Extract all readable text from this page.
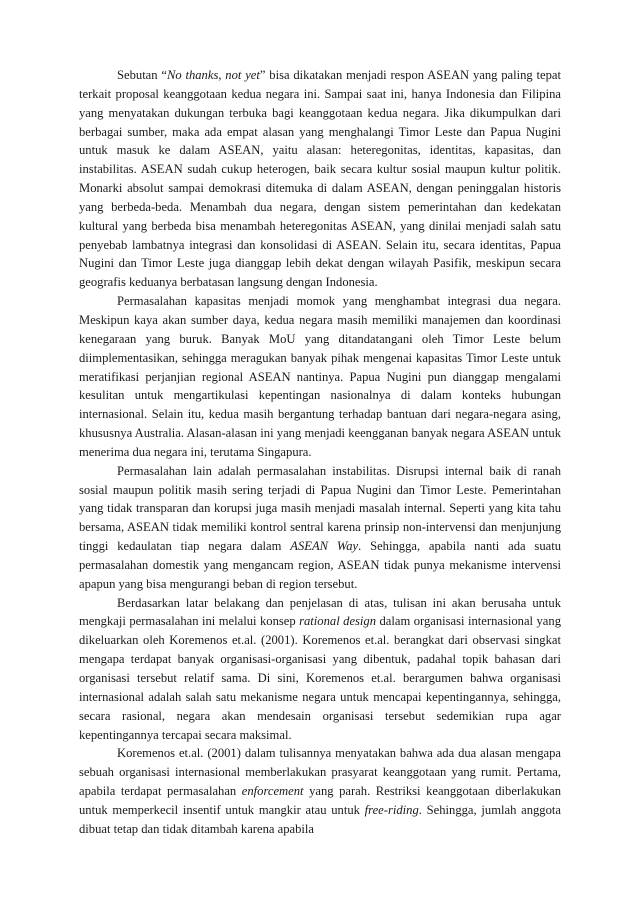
Sebutan “No thanks, not yet” bisa dikatakan menjadi respon ASEAN yang paling tepat terkait proposal keanggotaan kedua negara ini. Sampai saat ini, hanya Indonesia dan Filipina yang menyatakan dukungan terbuka bagi keanggotaan kedua negara. Jika dikumpulkan dari berbagai sumber, maka ada empat alasan yang menghalangi Timor Leste dan Papua Nugini untuk masuk ke dalam ASEAN, yaitu alasan: heteregonitas, identitas, kapasitas, dan instabilitas. ASEAN sudah cukup heterogen, baik secara kultur sosial maupun kultur politik. Monarki absolut sampai demokrasi ditemuka di dalam ASEAN, dengan peninggalan historis yang berbeda-beda. Menambah dua negara, dengan sistem pemerintahan dan kedekatan kultural yang berbeda bisa menambah heteregonitas ASEAN, yang dinilai menjadi salah satu penyebab lambatnya integrasi dan konsolidasi di ASEAN. Selain itu, secara identitas, Papua Nugini dan Timor Leste juga dianggap lebih dekat dengan wilayah Pasifik, meskipun secara geografis keduanya berbatasan langsung dengan Indonesia.

Permasalahan kapasitas menjadi momok yang menghambat integrasi dua negara. Meskipun kaya akan sumber daya, kedua negara masih memiliki manajemen dan koordinasi kenegaraan yang buruk. Banyak MoU yang ditandatangani oleh Timor Leste belum diimplementasikan, sehingga meragukan banyak pihak mengenai kapasitas Timor Leste untuk meratifikasi perjanjian regional ASEAN nantinya. Papua Nugini pun dianggap mengalami kesulitan untuk mengartikulasi kepentingan nasionalnya di dalam konteks hubungan internasional. Selain itu, kedua masih bergantung terhadap bantuan dari negara-negara asing, khususnya Australia. Alasan-alasan ini yang menjadi keengganan banyak negara ASEAN untuk menerima dua negara ini, terutama Singapura.

Permasalahan lain adalah permasalahan instabilitas. Disrupsi internal baik di ranah sosial maupun politik masih sering terjadi di Papua Nugini dan Timor Leste. Pemerintahan yang tidak transparan dan korupsi juga masih menjadi masalah internal. Seperti yang kita tahu bersama, ASEAN tidak memiliki kontrol sentral karena prinsip non-intervensi dan menjunjung tinggi kedaulatan tiap negara dalam ASEAN Way. Sehingga, apabila nanti ada suatu permasalahan domestik yang mengancam region, ASEAN tidak punya mekanisme intervensi apapun yang bisa mengurangi beban di region tersebut.

Berdasarkan latar belakang dan penjelasan di atas, tulisan ini akan berusaha untuk mengkaji permasalahan ini melalui konsep rational design dalam organisasi internasional yang dikeluarkan oleh Koremenos et.al. (2001). Koremenos et.al. berangkat dari observasi singkat mengapa terdapat banyak organisasi-organisasi yang dibentuk, padahal topik bahasan dari organisasi tersebut relatif sama. Di sini, Koremenos et.al. berargumen bahwa organisasi internasional adalah salah satu mekanisme negara untuk mencapai kepentingannya, sehingga, secara rasional, negara akan mendesain organisasi tersebut sedemikian rupa agar kepentingannya tercapai secara maksimal.

Koremenos et.al. (2001) dalam tulisannya menyatakan bahwa ada dua alasan mengapa sebuah organisasi internasional memberlakukan prasyarat keanggotaan yang rumit. Pertama, apabila terdapat permasalahan enforcement yang parah. Restriksi keanggotaan diberlakukan untuk memperkecil insentif untuk mangkir atau untuk free-riding. Sehingga, jumlah anggota dibuat tetap dan tidak ditambah karena apabila
